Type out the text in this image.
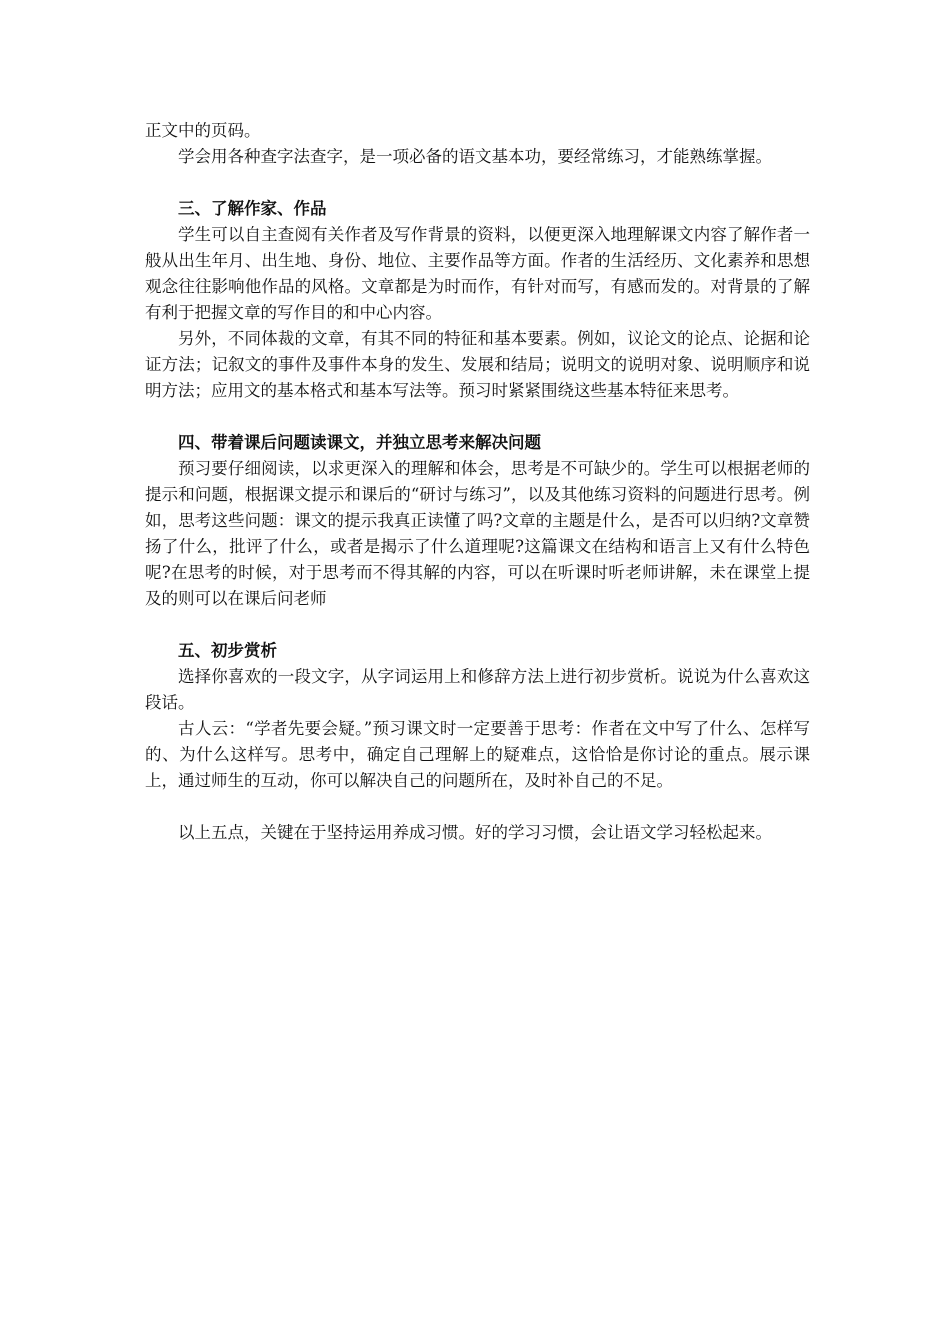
正文中的页码。

学会用各种查字法查字，是一项必备的语文基本功，要经常练习，才能熟练掌握。

三、了解作家、作品

学生可以自主查阅有关作者及写作背景的资料，以便更深入地理解课文内容了解作者一般从出生年月、出生地、身份、地位、主要作品等方面。作者的生活经历、文化素养和思想观念往往影响他作品的风格。文章都是为时而作，有针对而写，有感而发的。对背景的了解有利于把握文章的写作目的和中心内容。

另外，不同体裁的文章，有其不同的特征和基本要素。例如，议论文的论点、论据和论证方法；记叙文的事件及事件本身的发生、发展和结局；说明文的说明对象、说明顺序和说明方法；应用文的基本格式和基本写法等。预习时紧紧围绕这些基本特征来思考。

四、带着课后问题读课文，并独立思考来解决问题

预习要仔细阅读，以求更深入的理解和体会，思考是不可缺少的。学生可以根据老师的提示和问题，根据课文提示和课后的“研讨与练习”，以及其他练习资料的问题进行思考。例如，思考这些问题：课文的提示我真正读懂了吗?文章的主题是什么，是否可以归纳?文章赞扬了什么，批评了什么，或者是揭示了什么道理呢?这篇课文在结构和语言上又有什么特色呢?在思考的时候，对于思考而不得其解的内容，可以在听课时听老师讲解，未在课堂上提及的则可以在课后问老师

五、初步赏析

选择你喜欢的一段文字，从字词运用上和修辞方法上进行初步赏析。说说为什么喜欢这段话。

古人云：“学者先要会疑。”预习课文时一定要善于思考：作者在文中写了什么、怎样写的、为什么这样写。思考中，确定自己理解上的疑难点，这恰恰是你讨论的重点。展示课上，通过师生的互动，你可以解决自己的问题所在，及时补自己的不足。

以上五点，关键在于坚持运用养成习惯。好的学习习惯，会让语文学习轻松起来。
